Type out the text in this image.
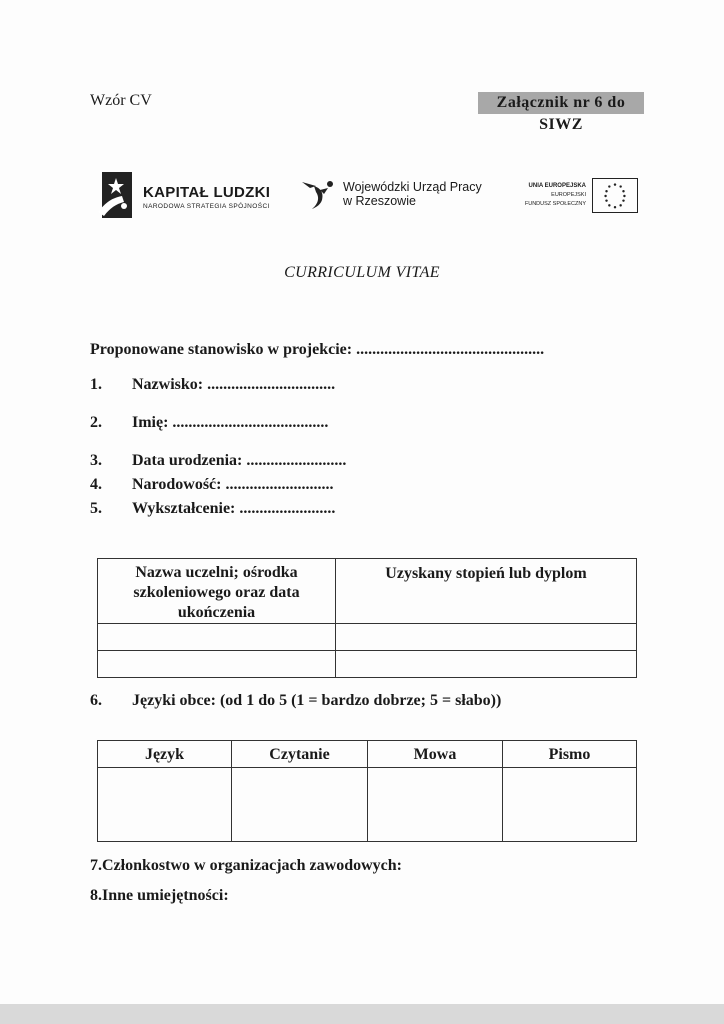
Wzór CV	Załącznik nr 6 do SIWZ
KAPITAŁ LUDZKI
NARODOWA STRATEGIA SPÓJNOŚCI
Wojewódzki Urząd Pracy
w Rzeszowie
UNIA EUROPEJSKA
EUROPEJSKI
FUNDUSZ SPOŁECZNY
CURRICULUM VITAE
Proponowane stanowisko w projekcie: ...............................................
1. Nazwisko: ................................
2. Imię: .......................................
3. Data urodzenia: .........................
4. Narodowość: ...........................
5. Wykształcenie: ........................
Nazwa uczelni; ośrodka
szkoleniowego oraz data ukończenia	Uzyskany stopień lub dyplom

6. Języki obce: (od 1 do 5 (1 = bardzo dobrze; 5 = słabo))
Język	Czytanie	Mowa	Pismo

7.Członkostwo w organizacjach zawodowych:
8.Inne umiejętności:
